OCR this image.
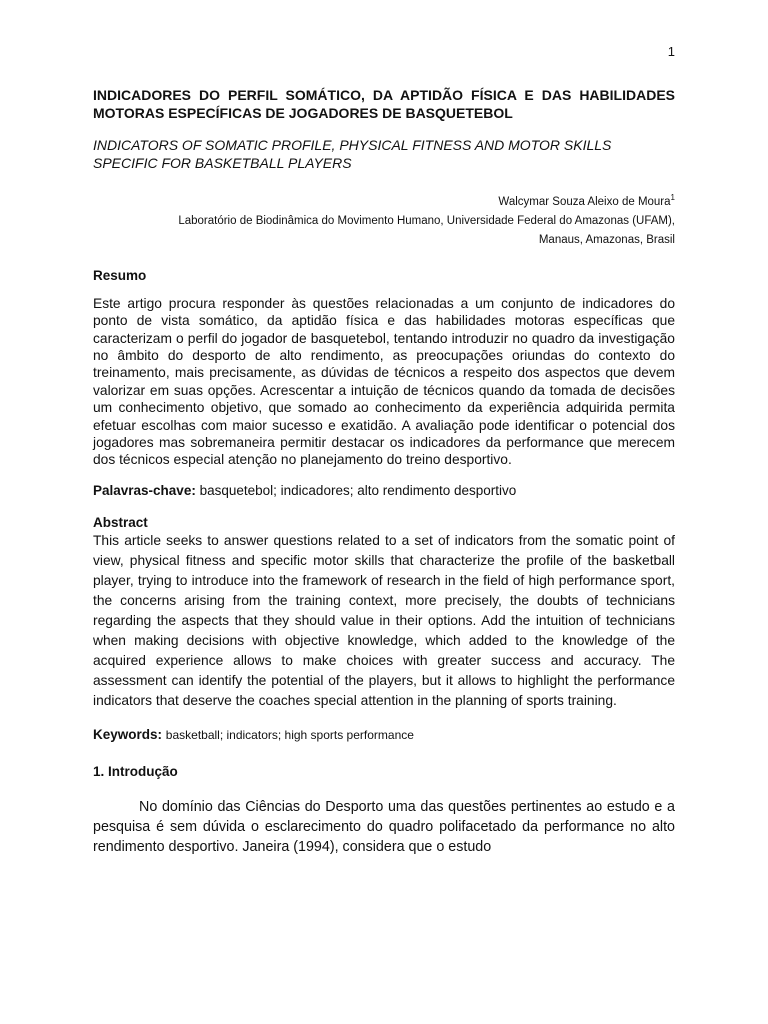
1
INDICADORES DO PERFIL SOMÁTICO, DA APTIDÃO FÍSICA E DAS HABILIDADES MOTORAS ESPECÍFICAS DE JOGADORES DE BASQUETEBOL
INDICATORS OF SOMATIC PROFILE, PHYSICAL FITNESS AND MOTOR SKILLS SPECIFIC FOR BASKETBALL PLAYERS
Walcymar Souza Aleixo de Moura$^1$
Laboratório de Biodinâmica do Movimento Humano, Universidade Federal do Amazonas (UFAM),
Manaus, Amazonas, Brasil
Resumo

Este artigo procura responder às questões relacionadas a um conjunto de indicadores do ponto de vista somático, da aptidão física e das habilidades motoras específicas que caracterizam o perfil do jogador de basquetebol, tentando introduzir no quadro da investigação no âmbito do desporto de alto rendimento, as preocupações oriundas do contexto do treinamento, mais precisamente, as dúvidas de técnicos a respeito dos aspectos que devem valorizar em suas opções. Acrescentar a intuição de técnicos quando da tomada de decisões um conhecimento objetivo, que somado ao conhecimento da experiência adquirida permita efetuar escolhas com maior sucesso e exatidão. A avaliação pode identificar o potencial dos jogadores mas sobremaneira permitir destacar os indicadores da performance que merecem dos técnicos especial atenção no planejamento do treino desportivo.

Palavras-chave: basquetebol; indicadores; alto rendimento desportivo

Abstract

This article seeks to answer questions related to a set of indicators from the somatic point of view, physical fitness and specific motor skills that characterize the profile of the basketball player, trying to introduce into the framework of research in the field of high performance sport, the concerns arising from the training context, more precisely, the doubts of technicians regarding the aspects that they should value in their options. Add the intuition of technicians when making decisions with objective knowledge, which added to the knowledge of the acquired experience allows to make choices with greater success and accuracy. The assessment can identify the potential of the players, but it allows to highlight the performance indicators that deserve the coaches special attention in the planning of sports training.

Keywords: basketball; indicators; high sports performance

1. Introdução

No domínio das Ciências do Desporto uma das questões pertinentes ao estudo e a pesquisa é sem dúvida o esclarecimento do quadro polifacetado da performance no alto rendimento desportivo. Janeira (1994), considera que o estudo
